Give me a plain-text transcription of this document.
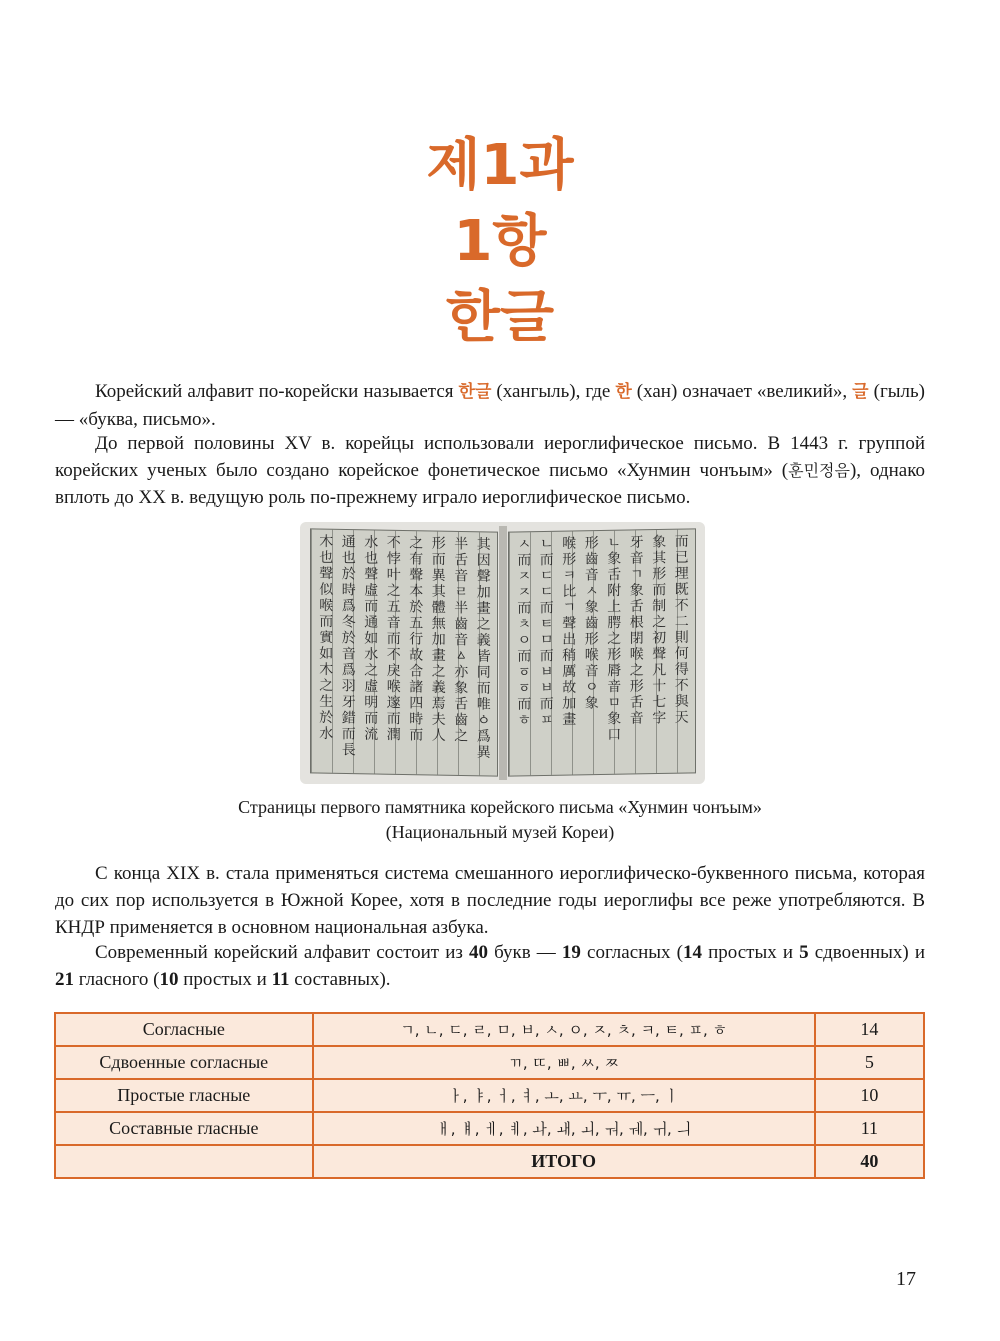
제1과
1항
한글

Корейский алфавит по-корейски называется 한글 (хангыль), где 한 (хан) означает «великий», 글 (гыль) — «буква, письмо».

До первой половины XV в. корейцы использовали иероглифическое письмо. В 1443 г. группой корейских ученых было создано корейское фонетическое письмо «Хунмин чонъым» (훈민정음), однако вплоть до XX в. ведущую роль по-прежнему играло иероглифическое письмо.

其因聲加畫之義皆同而唯ㆁ爲異
半舌音ㄹ半齒音ㅿ亦象舌齒之
形而異其體無加畫之義焉夫人
之有聲本於五行故合諸四時而
不悖叶之五音而不戾喉邃而潤
水也聲虛而通如水之虛明而流
通也於時爲冬於音爲羽牙錯而長
木也聲似喉而實如木之生於水	而已理既不二則何得不與天
象其形而制之初聲凡十七字
牙音ㄱ象舌根閉喉之形舌音
ㄴ象舌附上腭之形脣音ㅁ象口
形齒音ㅅ象齒形喉音ㅇ象
喉形ㅋ比ㄱ聲出稍厲故加畫
ㄴ而ㄷㄷ而ㅌㅁ而ㅂㅂ而ㅍ
ㅅ而ㅈㅈ而ㅊㅇ而ㆆㆆ而ㅎ
Страницы первого памятника корейского письма «Хунмин чонъым»
(Национальный музей Кореи)

С конца XIX в. стала применяться система смешанного иероглифическо-буквенного письма, которая до сих пор используется в Южной Корее, хотя в последние годы иероглифы все реже употребляются. В КНДР применяется в основном национальная азбука.

Современный корейский алфавит состоит из 40 букв — 19 согласных (14 простых и 5 сдвоенных) и 21 гласного (10 простых и 11 составных).

Согласные	ㄱ, ㄴ, ㄷ, ㄹ, ㅁ, ㅂ, ㅅ, ㅇ, ㅈ, ㅊ, ㅋ, ㅌ, ㅍ, ㅎ	14
Сдвоенные согласные	ㄲ, ㄸ, ㅃ, ㅆ, ㅉ	5
Простые гласные	ㅏ, ㅑ, ㅓ, ㅕ, ㅗ, ㅛ, ㅜ, ㅠ, ㅡ, ㅣ	10
Составные гласные	ㅐ, ㅒ, ㅔ, ㅖ, ㅘ, ㅙ, ㅚ, ㅝ, ㅞ, ㅟ, ㅢ	11
	ИТОГО	40
17
